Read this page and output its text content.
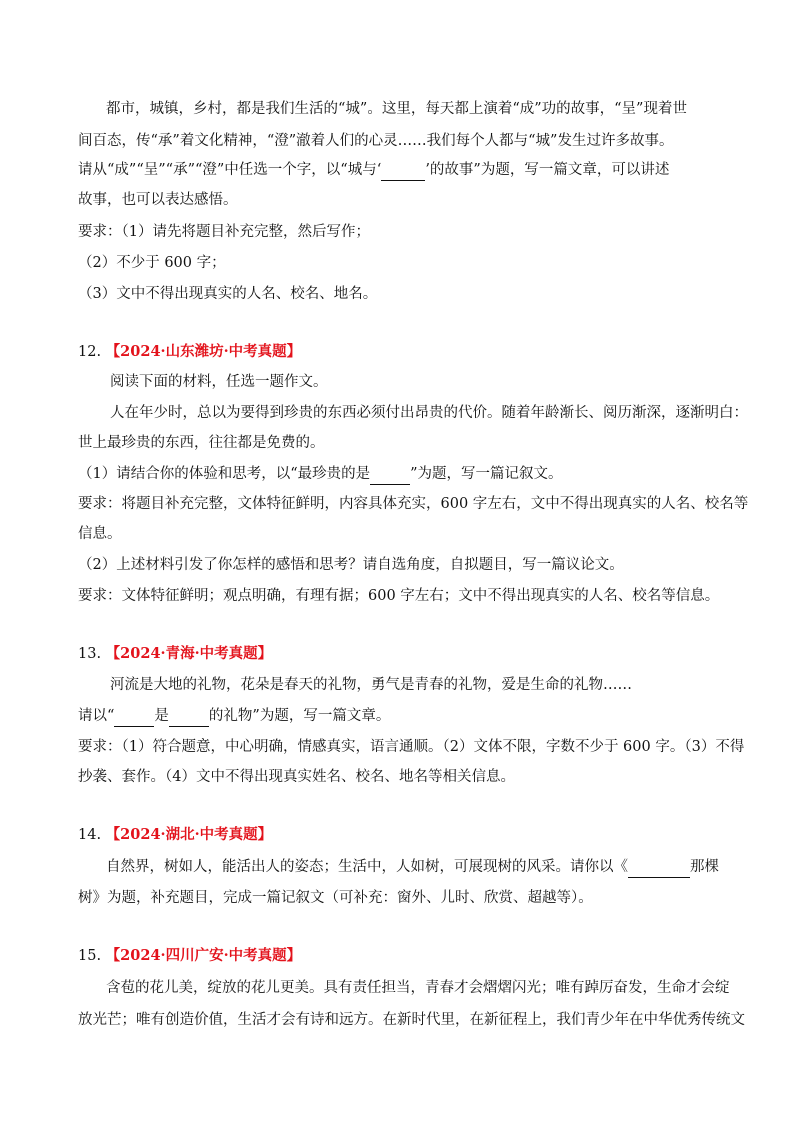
都市，城镇，乡村，都是我们生活的“城”。这里，每天都上演着“成”功的故事，“呈”现着世
间百态，传“承”着文化精神，“澄”澈着人们的心灵……我们每个人都与“城”发生过许多故事。
请从“成”“呈”“承”“澄”中任选一个字，以“城与‘	’的故事”为题，写一篇文章，可以讲述
故事，也可以表达感悟。
要求：（1）请先将题目补充完整，然后写作；
（2）不少于 600 字；
（3）文中不得出现真实的人名、校名、地名。
12. 【2024·山东潍坊·中考真题】
阅读下面的材料，任选一题作文。
人在年少时，总以为要得到珍贵的东西必须付出昂贵的代价。随着年龄渐长、阅历渐深，逐渐明白：
世上最珍贵的东西，往往都是免费的。
（1）请结合你的体验和思考，以“最珍贵的是	”为题，写一篇记叙文。
要求：将题目补充完整，文体特征鲜明，内容具体充实，600 字左右，文中不得出现真实的人名、校名等
信息。
（2）上述材料引发了你怎样的感悟和思考？请自选角度，自拟题目，写一篇议论文。
要求：文体特征鲜明；观点明确，有理有据；600 字左右；文中不得出现真实的人名、校名等信息。
13. 【2024·青海·中考真题】
河流是大地的礼物，花朵是春天的礼物，勇气是青春的礼物，爱是生命的礼物……
请以“	是	的礼物”为题，写一篇文章。
要求：（1）符合题意，中心明确，情感真实，语言通顺。（2）文体不限，字数不少于 600 字。（3）不得
抄袭、套作。（4）文中不得出现真实姓名、校名、地名等相关信息。
14. 【2024·湖北·中考真题】
自然界，树如人，能活出人的姿态；生活中，人如树，可展现树的风采。请你以《	那棵
树》为题，补充题目，完成一篇记叙文（可补充：窗外、儿时、欣赏、超越等）。
15. 【2024·四川广安·中考真题】
含苞的花儿美，绽放的花儿更美。具有责任担当，青春才会熠熠闪光；唯有踔厉奋发，生命才会绽
放光芒；唯有创造价值，生活才会有诗和远方。在新时代里，在新征程上，我们青少年在中华优秀传统文
